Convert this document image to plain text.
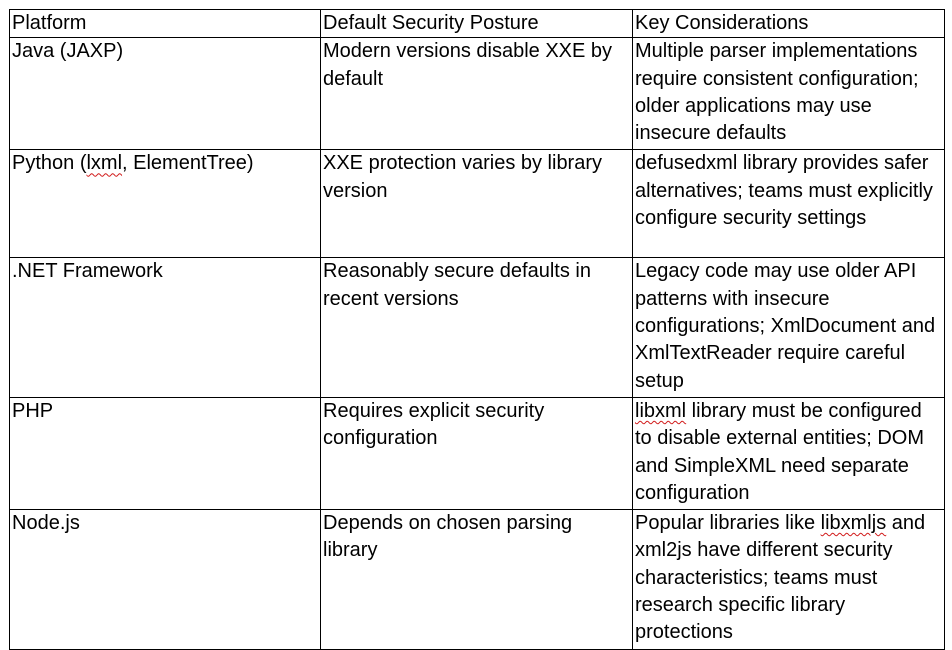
Platform	Default Security Posture	Key Considerations
Java (JAXP)	Modern versions disable XXE by default	Multiple parser implementations require consistent configuration; older applications may use insecure defaults
Python (lxml, ElementTree)	XXE protection varies by library version	defusedxml library provides safer alternatives; teams must explicitly configure security settings
.NET Framework	Reasonably secure defaults in recent versions	Legacy code may use older API patterns with insecure configurations; XmlDocument and XmlTextReader require careful setup
PHP	Requires explicit security configuration	libxml library must be configured to disable external entities; DOM and SimpleXML need separate configuration
Node.js	Depends on chosen parsing library	Popular libraries like libxmljs and xml2js have different security characteristics; teams must research specific library protections
